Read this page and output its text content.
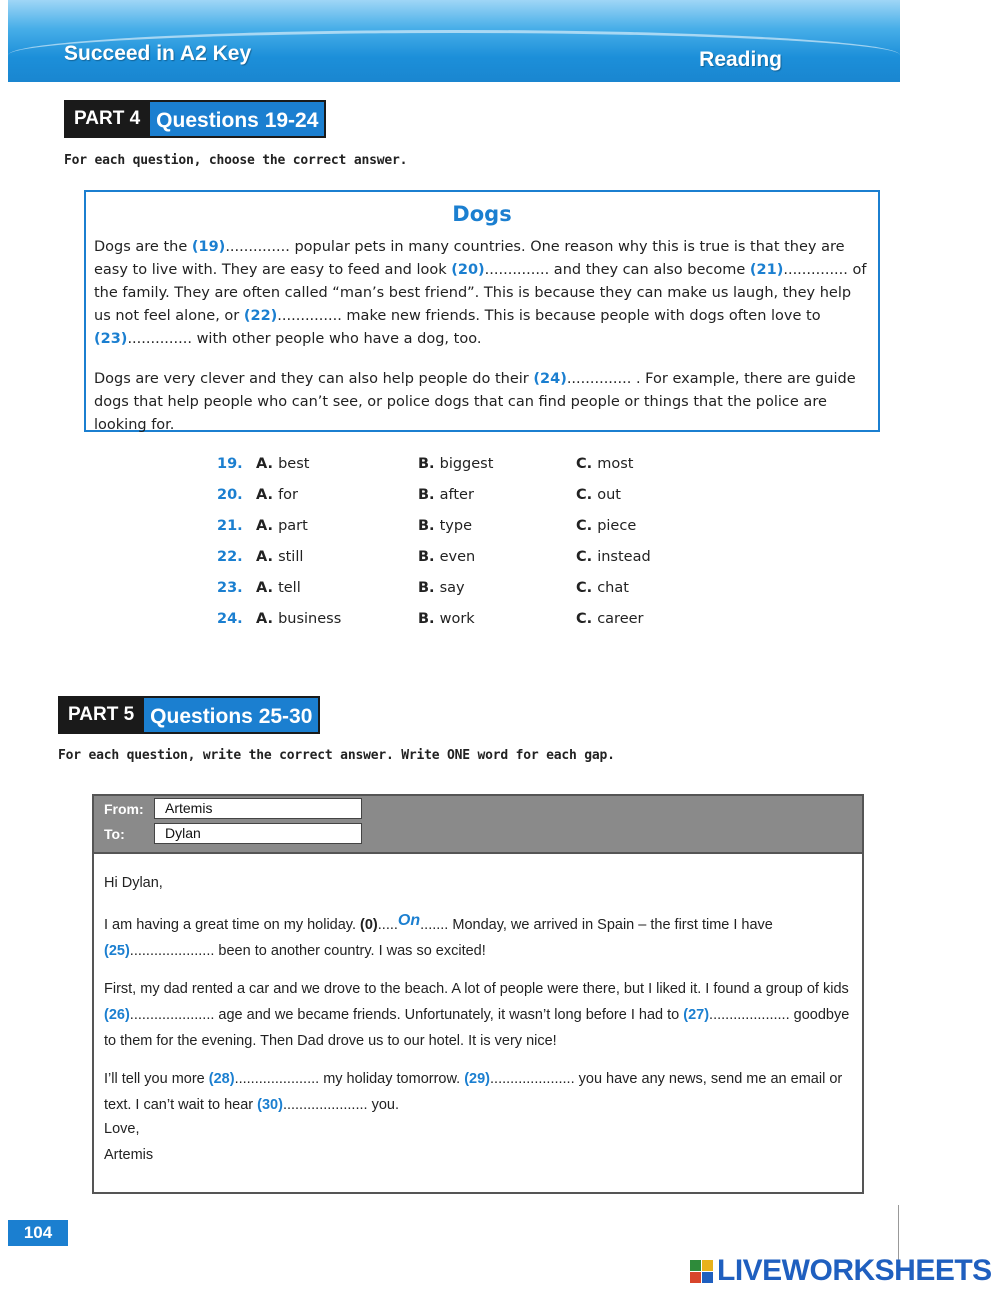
Succeed in A2 Key	Reading
PART 4 Questions 19-24
For each question, choose the correct answer.
Dogs
Dogs are the (19).............. popular pets in many countries. One reason why this is true is that they are easy to live with. They are easy to feed and look (20).............. and they can also become (21).............. of the family. They are often called “man’s best friend”. This is because they can make us laugh, they help us not feel alone, or (22).............. make new friends. This is because people with dogs often love to (23).............. with other people who have a dog, too.
Dogs are very clever and they can also help people do their (24).............. . For example, there are guide dogs that help people who can’t see, or police dogs that can find people or things that the police are looking for.
19. A. best	B. biggest	C. most
20. A. for	B. after	C. out
21. A. part	B. type	C. piece
22. A. still	B. even	C. instead
23. A. tell	B. say	C. chat
24. A. business	B. work	C. career
PART 5 Questions 25-30
For each question, write the correct answer. Write ONE word for each gap.
From:	Artemis
To:	Dylan
Hi Dylan,
I am having a great time on my holiday. (0).....On....... Monday, we arrived in Spain – the first time I have (25)..................... been to another country. I was so excited!
First, my dad rented a car and we drove to the beach. A lot of people were there, but I liked it. I found a group of kids (26)..................... age and we became friends. Unfortunately, it wasn’t long before I had to (27).................... goodbye to them for the evening. Then Dad drove us to our hotel. It is very nice!
I’ll tell you more (28)..................... my holiday tomorrow. (29)..................... you have any news, send me an email or text. I can’t wait to hear (30)..................... you.
Love,
Artemis
104
LIVEWORKSHEETS
